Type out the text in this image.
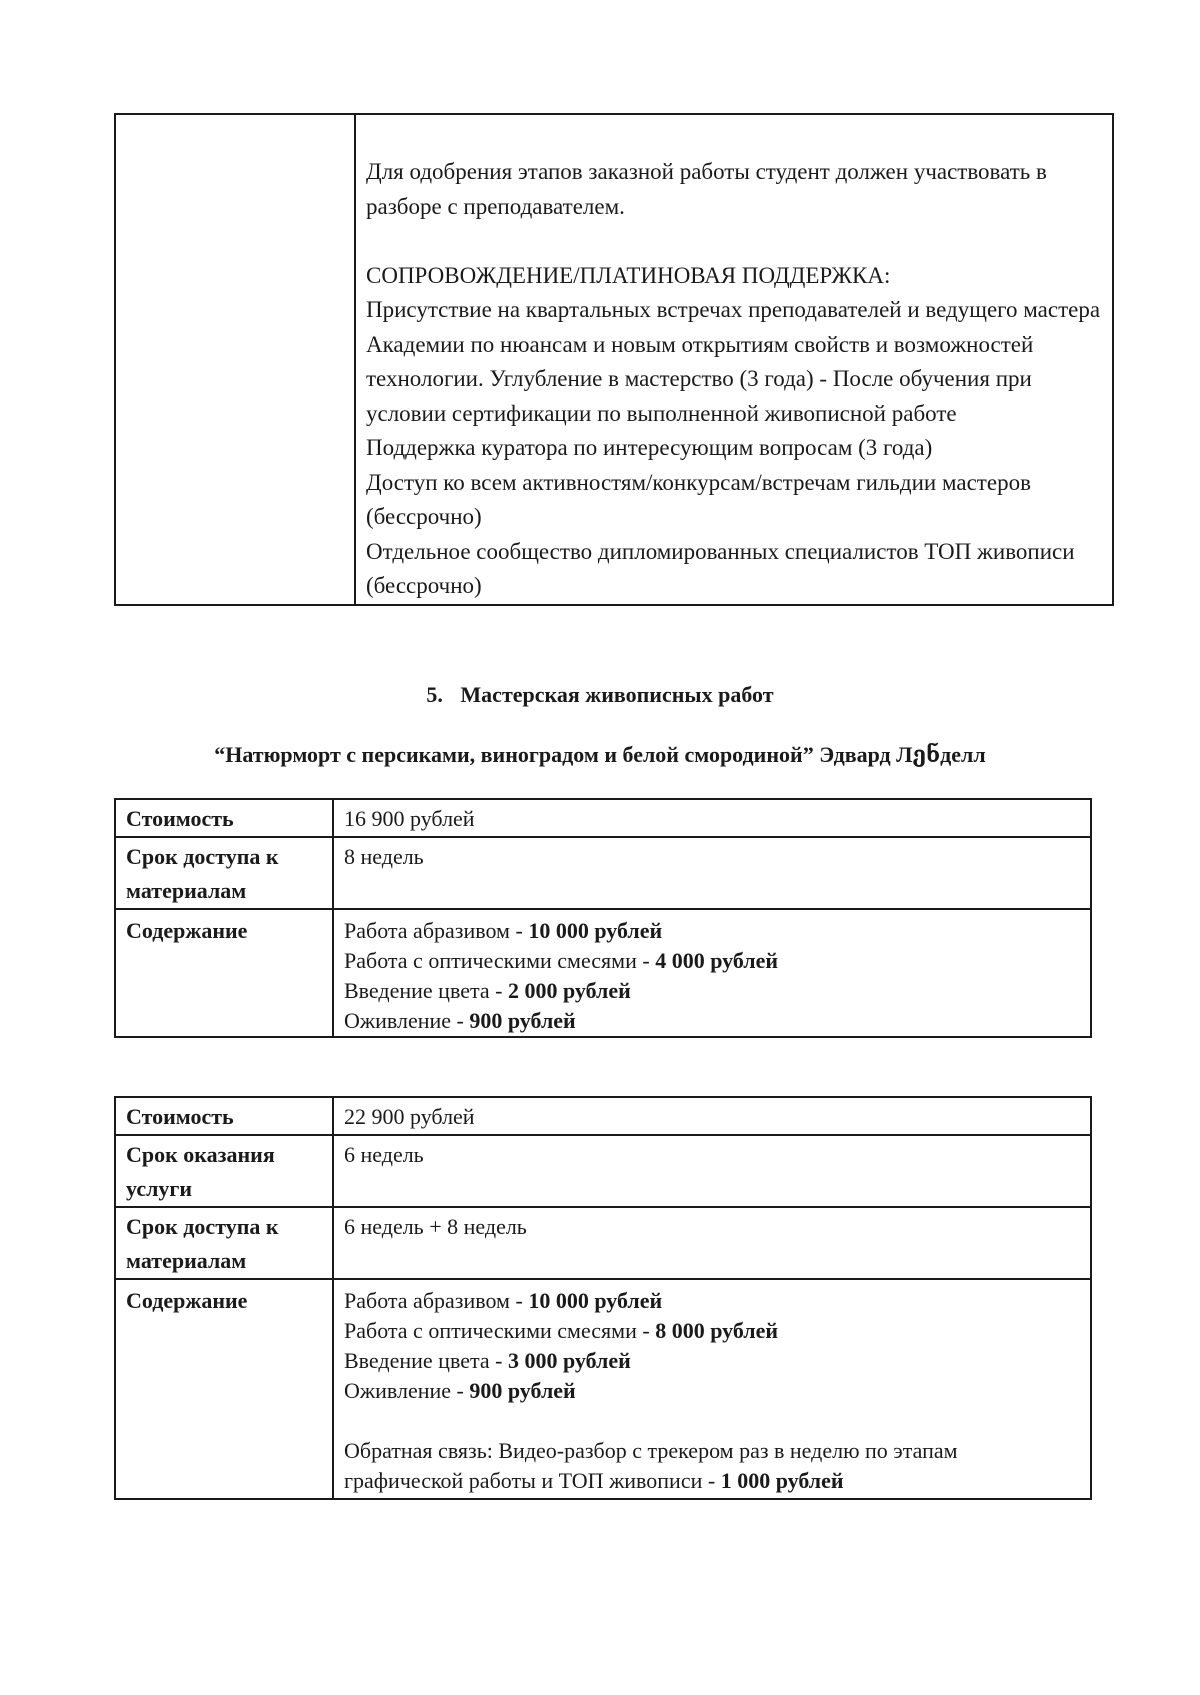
Для одобрения этапов заказной работы студент должен участвовать в разборе с преподавателем.

СОПРОВОЖДЕНИЕ/ПЛАТИНОВАЯ ПОДДЕРЖКА:

Присутствие на квартальных встречах преподавателей и ведущего мастера Академии по нюансам и новым открытиям свойств и возможностей технологии. Углубление в мастерство (3 года) - После обучения при условии сертификации по выполненной живописной работе

Поддержка куратора по интересующим вопросам (3 года)

Доступ ко всем активностям/конкурсам/встречам гильдии мастеров (бессрочно)

Отдельное сообщество дипломированных специалистов ТОП живописи (бессрочно)

5. Мастерская живописных работ
“Натюрморт с персиками, виноградом и белой смородиной” Эдвард Лენделл
Стоимость	16 900 рублей
Срок доступа к материалам	8 недель
Содержание	Работа абразивом - 10 000 рублей
Работа с оптическими смесями - 4 000 рублей
Введение цвета - 2 000 рублей
Оживление - 900 рублей
Стоимость	22 900 рублей
Срок оказания услуги	6 недель
Срок доступа к материалам	6 недель + 8 недель
Содержание	Работа абразивом - 10 000 рублей
Работа с оптическими смесями - 8 000 рублей
Введение цвета - 3 000 рублей
Оживление - 900 рублей
Обратная связь: Видео-разбор с трекером раз в неделю по этапам графической работы и ТОП живописи - 1 000 рублей
